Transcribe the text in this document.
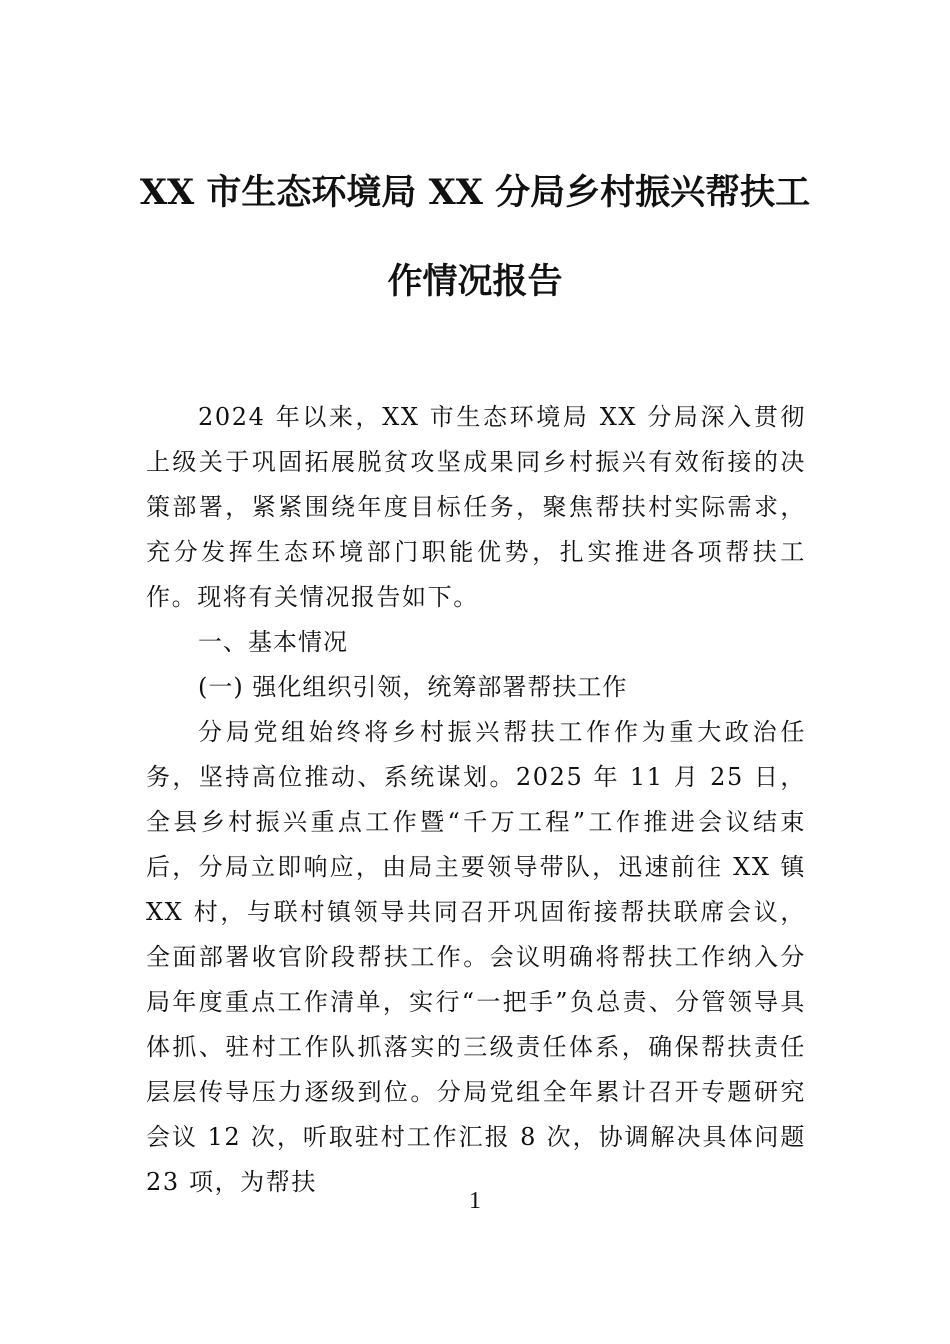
XX 市生态环境局 XX 分局乡村振兴帮扶工
作情况报告

2024 年以来，XX 市生态环境局 XX 分局深入贯彻上级关于巩固拓展脱贫攻坚成果同乡村振兴有效衔接的决策部署，紧紧围绕年度目标任务，聚焦帮扶村实际需求，充分发挥生态环境部门职能优势，扎实推进各项帮扶工作。现将有关情况报告如下。

一、基本情况

(一) 强化组织引领，统筹部署帮扶工作

分局党组始终将乡村振兴帮扶工作作为重大政治任务，坚持高位推动、系统谋划。2025 年 11 月 25 日，全县乡村振兴重点工作暨“千万工程”工作推进会议结束后，分局立即响应，由局主要领导带队，迅速前往 XX 镇 XX 村，与联村镇领导共同召开巩固衔接帮扶联席会议，全面部署收官阶段帮扶工作。会议明确将帮扶工作纳入分局年度重点工作清单，实行“一把手”负总责、分管领导具体抓、驻村工作队抓落实的三级责任体系，确保帮扶责任层层传导压力逐级到位。分局党组全年累计召开专题研究会议 12 次，听取驻村工作汇报 8 次，协调解决具体问题 23 项，为帮扶

1
